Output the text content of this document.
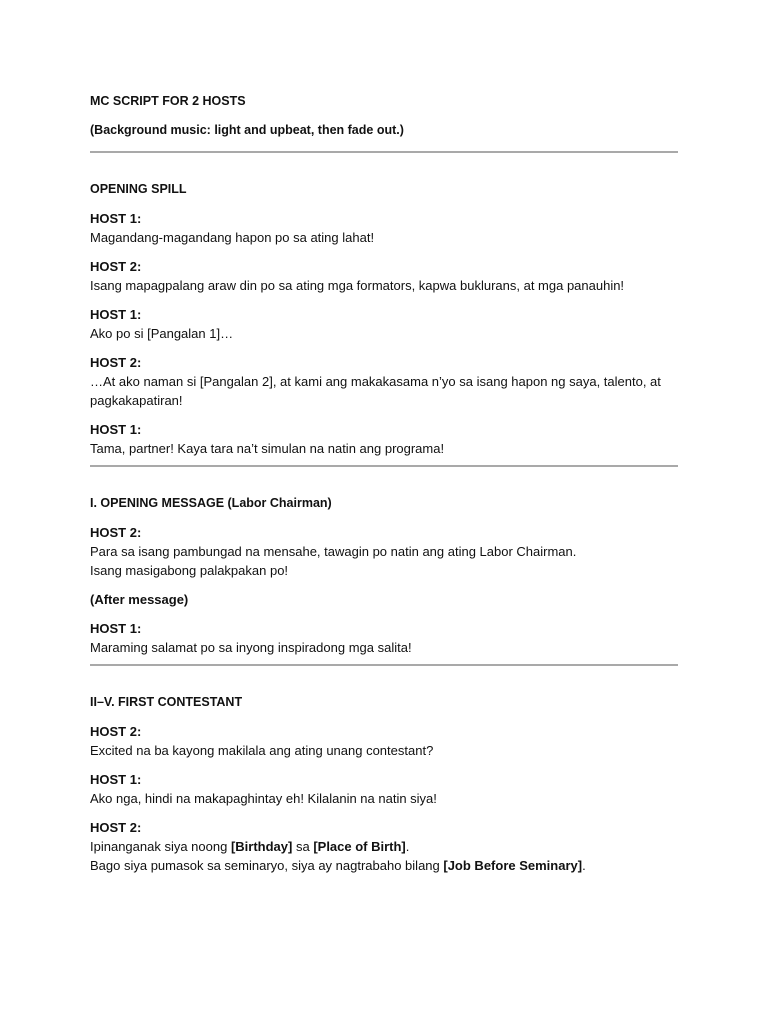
MC SCRIPT FOR 2 HOSTS
(Background music: light and upbeat, then fade out.)
OPENING SPILL
HOST 1:
Magandang-magandang hapon po sa ating lahat!
HOST 2:
Isang mapagpalang araw din po sa ating mga formators, kapwa buklurans, at mga panauhin!
HOST 1:
Ako po si [Pangalan 1]…
HOST 2:
…At ako naman si [Pangalan 2], at kami ang makakasama n’yo sa isang hapon ng saya, talento, at pagkakapatiran!
HOST 1:
Tama, partner! Kaya tara na’t simulan na natin ang programa!
I. OPENING MESSAGE (Labor Chairman)
HOST 2:
Para sa isang pambungad na mensahe, tawagin po natin ang ating Labor Chairman.
Isang masigabong palakpakan po!
(After message)
HOST 1:
Maraming salamat po sa inyong inspiradong mga salita!
II–V. FIRST CONTESTANT
HOST 2:
Excited na ba kayong makilala ang ating unang contestant?
HOST 1:
Ako nga, hindi na makapaghintay eh! Kilalanin na natin siya!
HOST 2:
Ipinanganak siya noong [Birthday] sa [Place of Birth].
Bago siya pumasok sa seminaryo, siya ay nagtrabaho bilang [Job Before Seminary].
